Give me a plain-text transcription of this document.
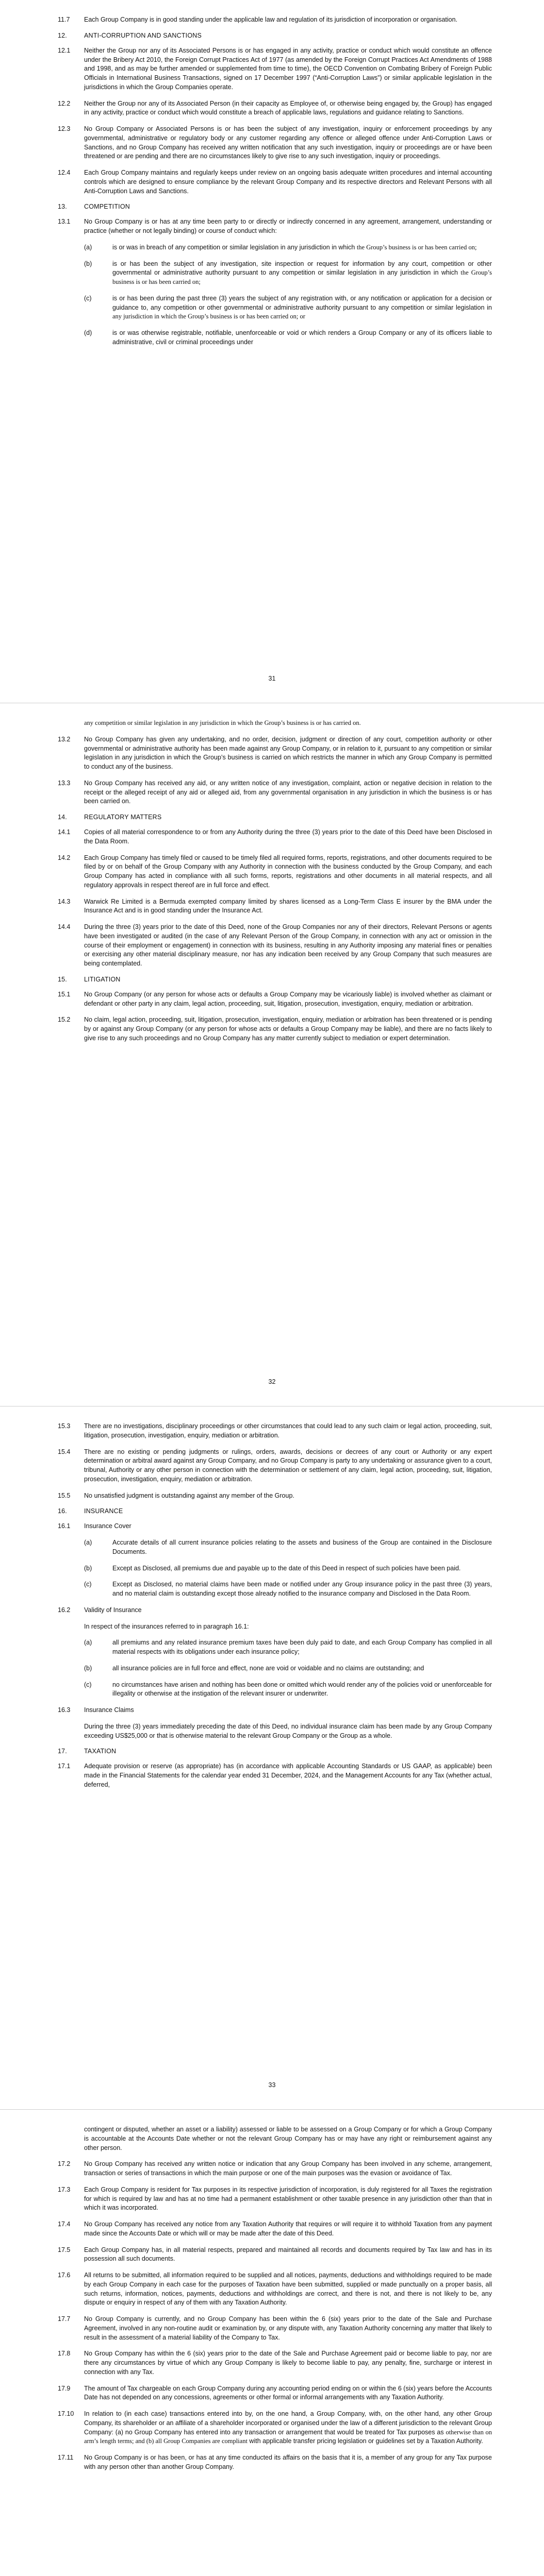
11.7	Each Group Company is in good standing under the applicable law and regulation of its jurisdiction of incorporation or organisation.
12.	ANTI-CORRUPTION AND SANCTIONS
12.1	Neither the Group nor any of its Associated Persons is or has engaged in any activity, practice or conduct which would constitute an offence under the Bribery Act 2010, the Foreign Corrupt Practices Act of 1977 (as amended by the Foreign Corrupt Practices Act Amendments of 1988 and 1998, and as may be further amended or supplemented from time to time), the OECD Convention on Combating Bribery of Foreign Public Officials in International Business Transactions, signed on 17 December 1997 (“Anti-Corruption Laws”) or similar applicable legislation in the jurisdictions in which the Group Companies operate.
12.2	Neither the Group nor any of its Associated Person (in their capacity as Employee of, or otherwise being engaged by, the Group) has engaged in any activity, practice or conduct which would constitute a breach of applicable laws, regulations and guidance relating to Sanctions.
12.3	No Group Company or Associated Persons is or has been the subject of any investigation, inquiry or enforcement proceedings by any governmental, administrative or regulatory body or any customer regarding any offence or alleged offence under Anti-Corruption Laws or Sanctions, and no Group Company has received any written notification that any such investigation, inquiry or proceedings are or have been threatened or are pending and there are no circumstances likely to give rise to any such investigation, inquiry or proceedings.
12.4	Each Group Company maintains and regularly keeps under review on an ongoing basis adequate written procedures and internal accounting controls which are designed to ensure compliance by the relevant Group Company and its respective directors and Relevant Persons with all Anti-Corruption Laws and Sanctions.
13.	COMPETITION
13.1	No Group Company is or has at any time been party to or directly or indirectly concerned in any agreement, arrangement, understanding or practice (whether or not legally binding) or course of conduct which:
(a)	is or was in breach of any competition or similar legislation in any jurisdiction in which the Group’s business is or has been carried on;
(b)	is or has been the subject of any investigation, site inspection or request for information by any court, competition or other governmental or administrative authority pursuant to any competition or similar legislation in any jurisdiction in which the Group’s business is or has been carried on;
(c)	is or has been during the past three (3) years the subject of any registration with, or any notification or application for a decision or guidance to, any competition or other governmental or administrative authority pursuant to any competition or similar legislation in any jurisdiction in which the Group’s business is or has been carried on; or
(d)	is or was otherwise registrable, notifiable, unenforceable or void or which renders a Group Company or any of its officers liable to administrative, civil or criminal proceedings under
31
any competition or similar legislation in any jurisdiction in which the Group’s business is or has carried on.
13.2	No Group Company has given any undertaking, and no order, decision, judgment or direction of any court, competition authority or other governmental or administrative authority has been made against any Group Company, or in relation to it, pursuant to any competition or similar legislation in any jurisdiction in which the Group’s business is carried on which restricts the manner in which any Group Company is permitted to conduct any of the business.
13.3	No Group Company has received any aid, or any written notice of any investigation, complaint, action or negative decision in relation to the receipt or the alleged receipt of any aid or alleged aid, from any governmental organisation in any jurisdiction in which the business is or has been carried on.
14.	REGULATORY MATTERS
14.1	Copies of all material correspondence to or from any Authority during the three (3) years prior to the date of this Deed have been Disclosed in the Data Room.
14.2	Each Group Company has timely filed or caused to be timely filed all required forms, reports, registrations, and other documents required to be filed by or on behalf of the Group Company with any Authority in connection with the business conducted by the Group Company, and each Group Company has acted in compliance with all such forms, reports, registrations and other documents in all material respects, and all regulatory approvals in respect thereof are in full force and effect.
14.3	Warwick Re Limited is a Bermuda exempted company limited by shares licensed as a Long-Term Class E insurer by the BMA under the Insurance Act and is in good standing under the Insurance Act.
14.4	During the three (3) years prior to the date of this Deed, none of the Group Companies nor any of their directors, Relevant Persons or agents have been investigated or audited (in the case of any Relevant Person of the Group Company, in connection with any act or omission in the course of their employment or engagement) in connection with its business, resulting in any Authority imposing any material fines or penalties or exercising any other material disciplinary measure, nor has any indication been received by any Group Company that such measures are being contemplated.
15.	LITIGATION
15.1	No Group Company (or any person for whose acts or defaults a Group Company may be vicariously liable) is involved whether as claimant or defendant or other party in any claim, legal action, proceeding, suit, litigation, prosecution, investigation, enquiry, mediation or arbitration.
15.2	No claim, legal action, proceeding, suit, litigation, prosecution, investigation, enquiry, mediation or arbitration has been threatened or is pending by or against any Group Company (or any person for whose acts or defaults a Group Company may be liable), and there are no facts likely to give rise to any such proceedings and no Group Company has any matter currently subject to mediation or expert determination.
32
15.3	There are no investigations, disciplinary proceedings or other circumstances that could lead to any such claim or legal action, proceeding, suit, litigation, prosecution, investigation, enquiry, mediation or arbitration.
15.4	There are no existing or pending judgments or rulings, orders, awards, decisions or decrees of any court or Authority or any expert determination or arbitral award against any Group Company, and no Group Company is party to any undertaking or assurance given to a court, tribunal, Authority or any other person in connection with the determination or settlement of any claim, legal action, proceeding, suit, litigation, prosecution, investigation, enquiry, mediation or arbitration.
15.5	No unsatisfied judgment is outstanding against any member of the Group.
16.	INSURANCE
16.1	Insurance Cover
(a)	Accurate details of all current insurance policies relating to the assets and business of the Group are contained in the Disclosure Documents.
(b)	Except as Disclosed, all premiums due and payable up to the date of this Deed in respect of such policies have been paid.
(c)	Except as Disclosed, no material claims have been made or notified under any Group insurance policy in the past three (3) years, and no material claim is outstanding except those already notified to the insurance company and Disclosed in the Data Room.
16.2	Validity of Insurance
In respect of the insurances referred to in paragraph 16.1:
(a)	all premiums and any related insurance premium taxes have been duly paid to date, and each Group Company has complied in all material respects with its obligations under each insurance policy;
(b)	all insurance policies are in full force and effect, none are void or voidable and no claims are outstanding; and
(c)	no circumstances have arisen and nothing has been done or omitted which would render any of the policies void or unenforceable for illegality or otherwise at the instigation of the relevant insurer or underwriter.
16.3	Insurance Claims
During the three (3) years immediately preceding the date of this Deed, no individual insurance claim has been made by any Group Company exceeding US$25,000 or that is otherwise material to the relevant Group Company or the Group as a whole.
17.	TAXATION
17.1	Adequate provision or reserve (as appropriate) has (in accordance with applicable Accounting Standards or US GAAP, as applicable) been made in the Financial Statements for the calendar year ended 31 December, 2024, and the Management Accounts for any Tax (whether actual, deferred,
33
contingent or disputed, whether an asset or a liability) assessed or liable to be assessed on a Group Company or for which a Group Company is accountable at the Accounts Date whether or not the relevant Group Company has or may have any right or reimbursement against any other person.
17.2	No Group Company has received any written notice or indication that any Group Company has been involved in any scheme, arrangement, transaction or series of transactions in which the main purpose or one of the main purposes was the evasion or avoidance of Tax.
17.3	Each Group Company is resident for Tax purposes in its respective jurisdiction of incorporation, is duly registered for all Taxes the registration for which is required by law and has at no time had a permanent establishment or other taxable presence in any jurisdiction other than that in which it was incorporated.
17.4	No Group Company has received any notice from any Taxation Authority that requires or will require it to withhold Taxation from any payment made since the Accounts Date or which will or may be made after the date of this Deed.
17.5	Each Group Company has, in all material respects, prepared and maintained all records and documents required by Tax law and has in its possession all such documents.
17.6	All returns to be submitted, all information required to be supplied and all notices, payments, deductions and withholdings required to be made by each Group Company in each case for the purposes of Taxation have been submitted, supplied or made punctually on a proper basis, all such returns, information, notices, payments, deductions and withholdings are correct, and there is not, and there is not likely to be, any dispute or enquiry in respect of any of them with any Taxation Authority.
17.7	No Group Company is currently, and no Group Company has been within the 6 (six) years prior to the date of the Sale and Purchase Agreement, involved in any non-routine audit or examination by, or any dispute with, any Taxation Authority concerning any matter that likely to result in the assessment of a material liability of the Company to Tax.
17.8	No Group Company has within the 6 (six) years prior to the date of the Sale and Purchase Agreement paid or become liable to pay, nor are there any circumstances by virtue of which any Group Company is likely to become liable to pay, any penalty, fine, surcharge or interest in connection with any Tax.
17.9	The amount of Tax chargeable on each Group Company during any accounting period ending on or within the 6 (six) years before the Accounts Date has not depended on any concessions, agreements or other formal or informal arrangements with any Taxation Authority.
17.10	In relation to (in each case) transactions entered into by, on the one hand, a Group Company, with, on the other hand, any other Group Company, its shareholder or an affiliate of a shareholder incorporated or organised under the law of a different jurisdiction to the relevant Group Company: (a) no Group Company has entered into any transaction or arrangement that would be treated for Tax purposes as otherwise than on arm’s length terms; and (b) all Group Companies are compliant with applicable transfer pricing legislation or guidelines set by a Taxation Authority.
17.11	No Group Company is or has been, or has at any time conducted its affairs on the basis that it is, a member of any group for any Tax purpose with any person other than another Group Company.
